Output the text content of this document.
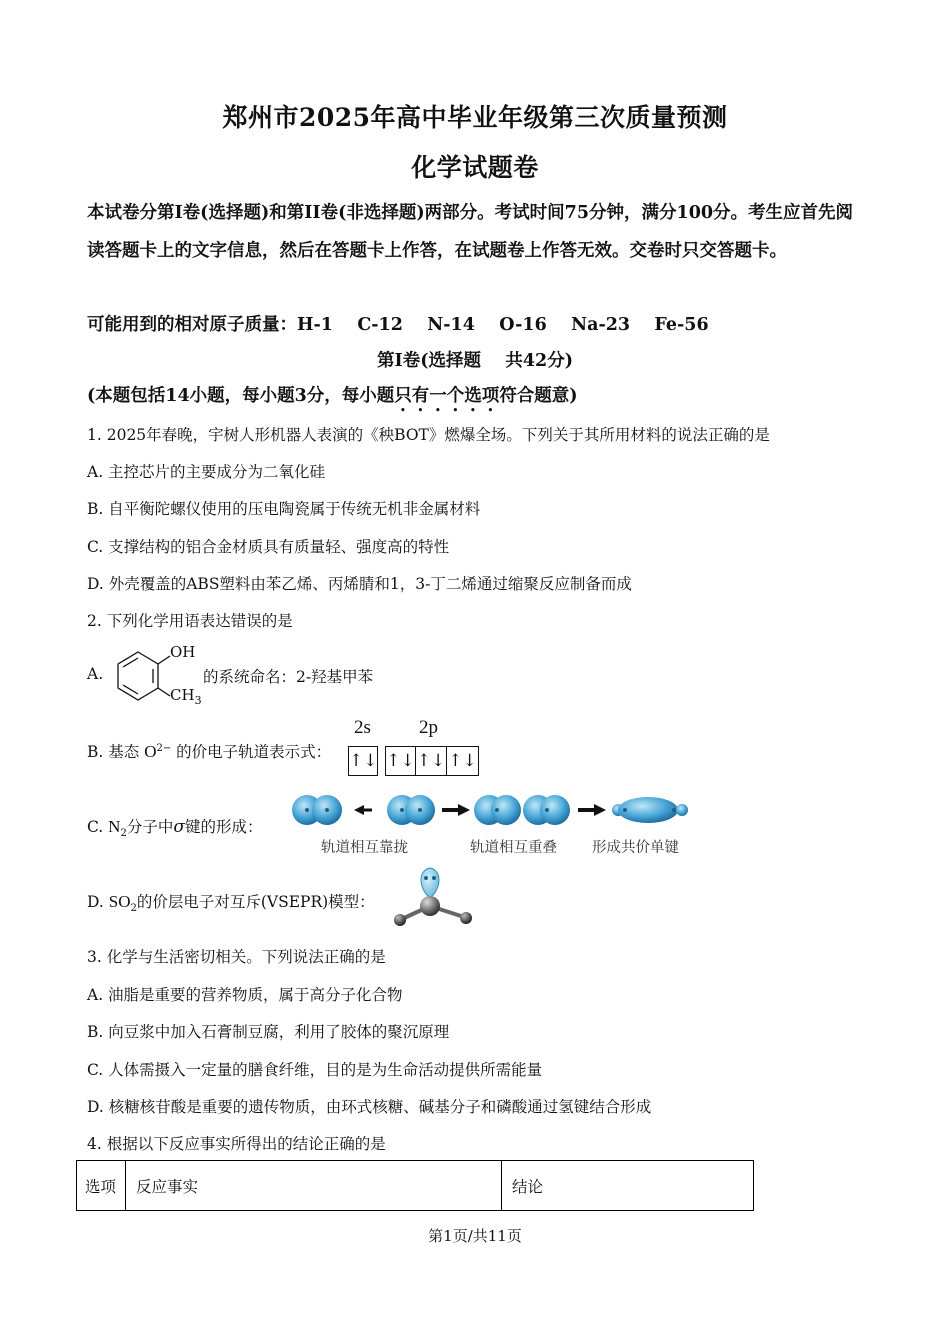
郑州市2025年高中毕业年级第三次质量预测
化学试题卷
本试卷分第I卷(选择题)和第II卷(非选择题)两部分。考试时间75分钟，满分100分。考生应首先阅读答题卡上的文字信息，然后在答题卡上作答，在试题卷上作答无效。交卷时只交答题卡。
可能用到的相对原子质量：H-1    C-12    N-14    O-16    Na-23    Fe-56
第I卷(选择题    共42分)
(本题包括14小题，每小题3分，每小题只有一个选项符合题意)
1. 2025年春晚，宇树人形机器人表演的《秧BOT》燃爆全场。下列关于其所用材料的说法正确的是
A. 主控芯片的主要成分为二氧化硅
B. 自平衡陀螺仪使用的压电陶瓷属于传统无机非金属材料
C. 支撑结构的铝合金材质具有质量轻、强度高的特性
D. 外壳覆盖的ABS塑料由苯乙烯、丙烯腈和1，3-丁二烯通过缩聚反应制备而成
2. 下列化学用语表达错误的是
A.
OH
$CH_3$
的系统命名：2-羟基甲苯
B. 基态 $O^{2-}$ 的价电子轨道表示式：
2s	2p
↑↓ ↑↓ ↑↓ ↑↓
C. $N_2$分子中σ键的形成：
轨道相互靠拢	轨道相互重叠 形成共价单键
D. $SO_2$的价层电子对互斥(VSEPR)模型：
3. 化学与生活密切相关。下列说法正确的是
A. 油脂是重要的营养物质，属于高分子化合物
B. 向豆浆中加入石膏制豆腐，利用了胶体的聚沉原理
C. 人体需摄入一定量的膳食纤维，目的是为生命活动提供所需能量
D. 核糖核苷酸是重要的遗传物质，由环式核糖、碱基分子和磷酸通过氢键结合形成
4. 根据以下反应事实所得出的结论正确的是
选项	反应事实	结论
第1页/共11页
